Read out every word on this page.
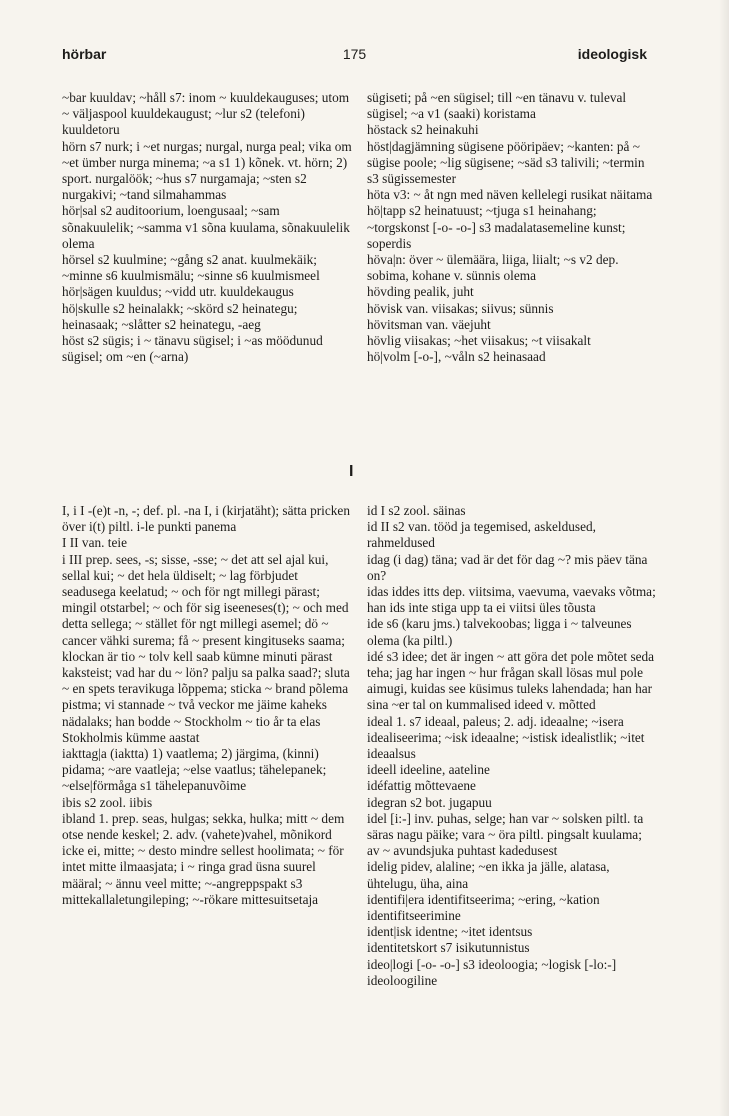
hörbar	175	ideologisk
~bar kuuldav; ~håll s7: inom ~ kuuldekauguses; utom ~ väljaspool kuuldekaugust; ~lur s2 (telefoni) kuuldetoru
hörn s7 nurk; i ~et nurgas; nurgal, nurga peal; vika om ~et ümber nurga minema; ~a s1 1) kõnek. vt. hörn; 2) sport. nurgalöök; ~hus s7 nurgamaja; ~sten s2 nurgakivi; ~tand silmahammas
hör|sal s2 auditoorium, loengusaal; ~sam sõnakuulelik; ~samma v1 sõna kuulama, sõnakuulelik olema
hörsel s2 kuulmine; ~gång s2 anat. kuulmekäik; ~minne s6 kuulmismälu; ~sinne s6 kuulmismeel
hör|sägen kuuldus; ~vidd utr. kuuldekaugus
hö|skulle s2 heinalakk; ~skörd s2 heinategu; heinasaak; ~slåtter s2 heinategu, -aeg
höst s2 sügis; i ~ tänavu sügisel; i ~as möödunud sügisel; om ~en (~arna)
sügiseti; på ~en sügisel; till ~en tänavu v. tuleval sügisel; ~a v1 (saaki) koristama
höstack s2 heinakuhi
höst|dagjämning sügisene pööripäev; ~kanten: på ~ sügise poole; ~lig sügisene; ~säd s3 talivili; ~termin s3 sügissemester
höta v3: ~ åt ngn med näven kellelegi rusikat näitama
hö|tapp s2 heinatuust; ~tjuga s1 heinahang; ~torgskonst [-o- -o-] s3 madalatasemeline kunst; soperdis
höva|n: över ~ ülemäära, liiga, liialt; ~s v2 dep. sobima, kohane v. sünnis olema
hövding pealik, juht
hövisk van. viisakas; siivus; sünnis
hövitsman van. väejuht
hövlig viisakas; ~het viisakus; ~t viisakalt
hö|volm [-o-], ~våln s2 heinasaad
I
I, i I -(e)t -n, -; def. pl. -na I, i (kirjatäht); sätta pricken över i(t) piltl. i-le punkti panema
I II van. teie
i III prep. sees, -s; sisse, -sse; ~ det att sel ajal kui, sellal kui; ~ det hela üldiselt; ~ lag förbjudet seadusega keelatud; ~ och för ngt millegi pärast; mingil otstarbel; ~ och för sig iseeneses(t); ~ och med detta sellega; ~ stället för ngt millegi asemel; dö ~ cancer vähki surema; få ~ present kingituseks saama; klockan är tio ~ tolv kell saab kümne minuti pärast kaksteist; vad har du ~ lön? palju sa palka saad?; sluta ~ en spets teravikuga lõppema; sticka ~ brand põlema pistma; vi stannade ~ två veckor me jäime kaheks nädalaks; han bodde ~ Stockholm ~ tio år ta elas Stokholmis kümme aastat
iakttag|a (iaktta) 1) vaatlema; 2) järgima, (kinni) pidama; ~are vaatleja; ~else vaatlus; tähelepanek; ~else|förmåga s1 tähelepanuvõime
ibis s2 zool. iibis
ibland 1. prep. seas, hulgas; sekka, hulka; mitt ~ dem otse nende keskel; 2. adv. (vahete)vahel, mõnikord
icke ei, mitte; ~ desto mindre sellest hoolimata; ~ för intet mitte ilmaasjata; i ~ ringa grad üsna suurel määral; ~ ännu veel mitte; ~-angreppspakt s3 mittekallaletungileping; ~-rökare mittesuitsetaja
id I s2 zool. säinas
id II s2 van. tööd ja tegemised, askeldused, rahmeldused
idag (i dag) täna; vad är det för dag ~? mis päev täna on?
idas iddes itts dep. viitsima, vaevuma, vaevaks võtma; han ids inte stiga upp ta ei viitsi üles tõusta
ide s6 (karu jms.) talvekoobas; ligga i ~ talveunes olema (ka piltl.)
idé s3 idee; det är ingen ~ att göra det pole mõtet seda teha; jag har ingen ~ hur frågan skall lösas mul pole aimugi, kuidas see küsimus tuleks lahendada; han har sina ~er tal on kummalised ideed v. mõtted
ideal 1. s7 ideaal, paleus; 2. adj. ideaalne; ~isera idealiseerima; ~isk ideaalne; ~istisk idealistlik; ~itet ideaalsus
ideell ideeline, aateline
idéfattig mõttevaene
idegran s2 bot. jugapuu
idel [i:-] inv. puhas, selge; han var ~ solsken piltl. ta säras nagu päike; vara ~ öra piltl. pingsalt kuulama; av ~ avundsjuka puhtast kadedusest
idelig pidev, alaline; ~en ikka ja jälle, alatasa, ühtelugu, üha, aina
identifi|era identifitseerima; ~ering, ~kation identifitseerimine
ident|isk identne; ~itet identsus
identitetskort s7 isikutunnistus
ideo|logi [-o- -o-] s3 ideoloogia; ~logisk [-lo:-] ideoloogiline
